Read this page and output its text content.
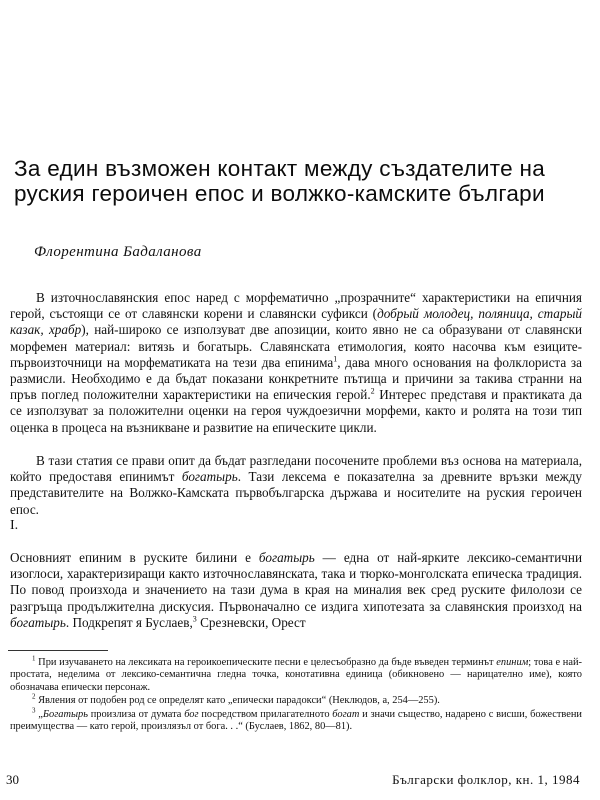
За един възможен контакт между създателите на руския героичен епос и волжко-камските българи
Флорентина Бадаланова

В източнославянския епос наред с морфематично „прозрачните“ характеристики на епичния герой, състоящи се от славянски корени и славянски суфикси (добрый молодец, поляница, старый казак, храбр), най-широко се използуват две апозиции, които явно не са образувани от славянски морфемен материал: витязь и богатырь. Славянската етимология, която насочва към езиците-първоизточници на морфематиката на тези два епинима$^1$, дава много основания на фолклориста за размисли. Необходимо е да бъдат показани конкретните пътища и причини за такива странни на пръв поглед положителни характеристики на епическия герой.$^2$ Интерес представя и практиката да се използуват за положителни оценки на героя чуждоезични морфеми, както и ролята на този тип оценка в процеса на възникване и развитие на епическите цикли.

В тази статия се прави опит да бъдат разгледани посочените проблеми въз основа на материала, който предоставя епинимът богатырь. Тази лексема е показателна за древните връзки между представителите на Волжко-Камската първобългарска държава и носителите на руския героичен епос.

I.

Основният епиним в руските билини е богатырь — една от най-ярките лексико-семантични изоглоси, характеризиращи както източнославянската, така и тюрко-монголската епическа традиция. По повод произхода и значението на тази дума в края на миналия век сред руските филолози се разгръща продължителна дискусия. Първоначално се издига хипотезата за славянския произход на богатырь. Подкрепят я Буслаев,$^3$ Срезневски, Орест

$^1$ При изучаването на лексиката на героикоепическите песни е целесъобразно да бъде въведен терминът епиним; това е най-простата, неделима от лексико-семантична гледна точка, конотативна единица (обикновено — нарицателно име), която обозначава епически персонаж.

$^2$ Явления от подобен род се определят като „епически парадокси“ (Неклюдов, а, 254—255).

$^3$ „Богатырь произлиза от думата бог посредством прилагателното богат и значи същество, надарено с висши, божествени преимущества — като герой, произлязъл от бога. . .“ (Буслаев, 1862, 80—81).

30	Български фолклор, кн. 1, 1984
